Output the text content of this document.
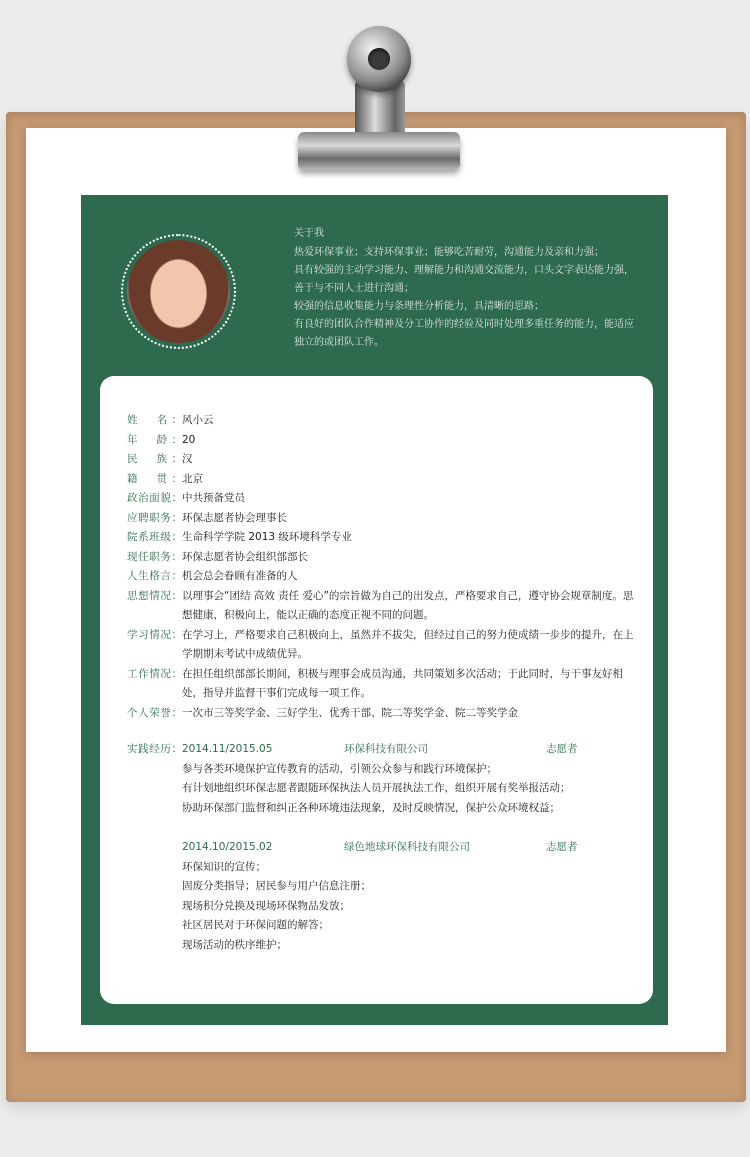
关于我

热爱环保事业；支持环保事业；能够吃苦耐劳，沟通能力及亲和力强；

具有较强的主动学习能力、理解能力和沟通交流能力，口头文字表达能力强，善于与不同人士进行沟通；

较强的信息收集能力与条理性分析能力，具清晰的思路；

有良好的团队合作精神及分工协作的经验及同时处理多重任务的能力，能适应独立的或团队工作。

姓　名： 风小云
年　龄： 20
民　族： 汉
籍　贯： 北京
政治面貌： 中共预备党员
应聘职务： 环保志愿者协会理事长
院系班级： 生命科学学院 2013 级环境科学专业
现任职务： 环保志愿者协会组织部部长
人生格言： 机会总会眷顾有准备的人
思想情况： 以理事会“团结 高效 责任 爱心”的宗旨做为自己的出发点，严格要求自己，遵守协会规章制度。思想健康，积极向上，能以正确的态度正视不同的问题。
学习情况： 在学习上，严格要求自己积极向上，虽然并不拔尖，但经过自己的努力使成绩一步步的提升，在上学期期末考试中成绩优异。
工作情况： 在担任组织部部长期间，积极与理事会成员沟通，共同策划多次活动；于此同时，与干事友好相处，指导并监督干事们完成每一项工作。
个人荣誉： 一次市三等奖学金、三好学生、优秀干部、院二等奖学金、院二等奖学金
实践经历： 2014.11/2015.05	环保科技有限公司	志愿者
参与各类环境保护宣传教育的活动，引领公众参与和践行环境保护；
有计划地组织环保志愿者跟随环保执法人员开展执法工作，组织开展有奖举报活动；
协助环保部门监督和纠正各种环境违法现象，及时反映情况，保护公众环境权益；
2014.10/2015.02	绿色地球环保科技有限公司	志愿者
环保知识的宣传；
固废分类指导；居民参与用户信息注册；
现场积分兑换及现场环保物品发放；
社区居民对于环保问题的解答；
现场活动的秩序维护；
